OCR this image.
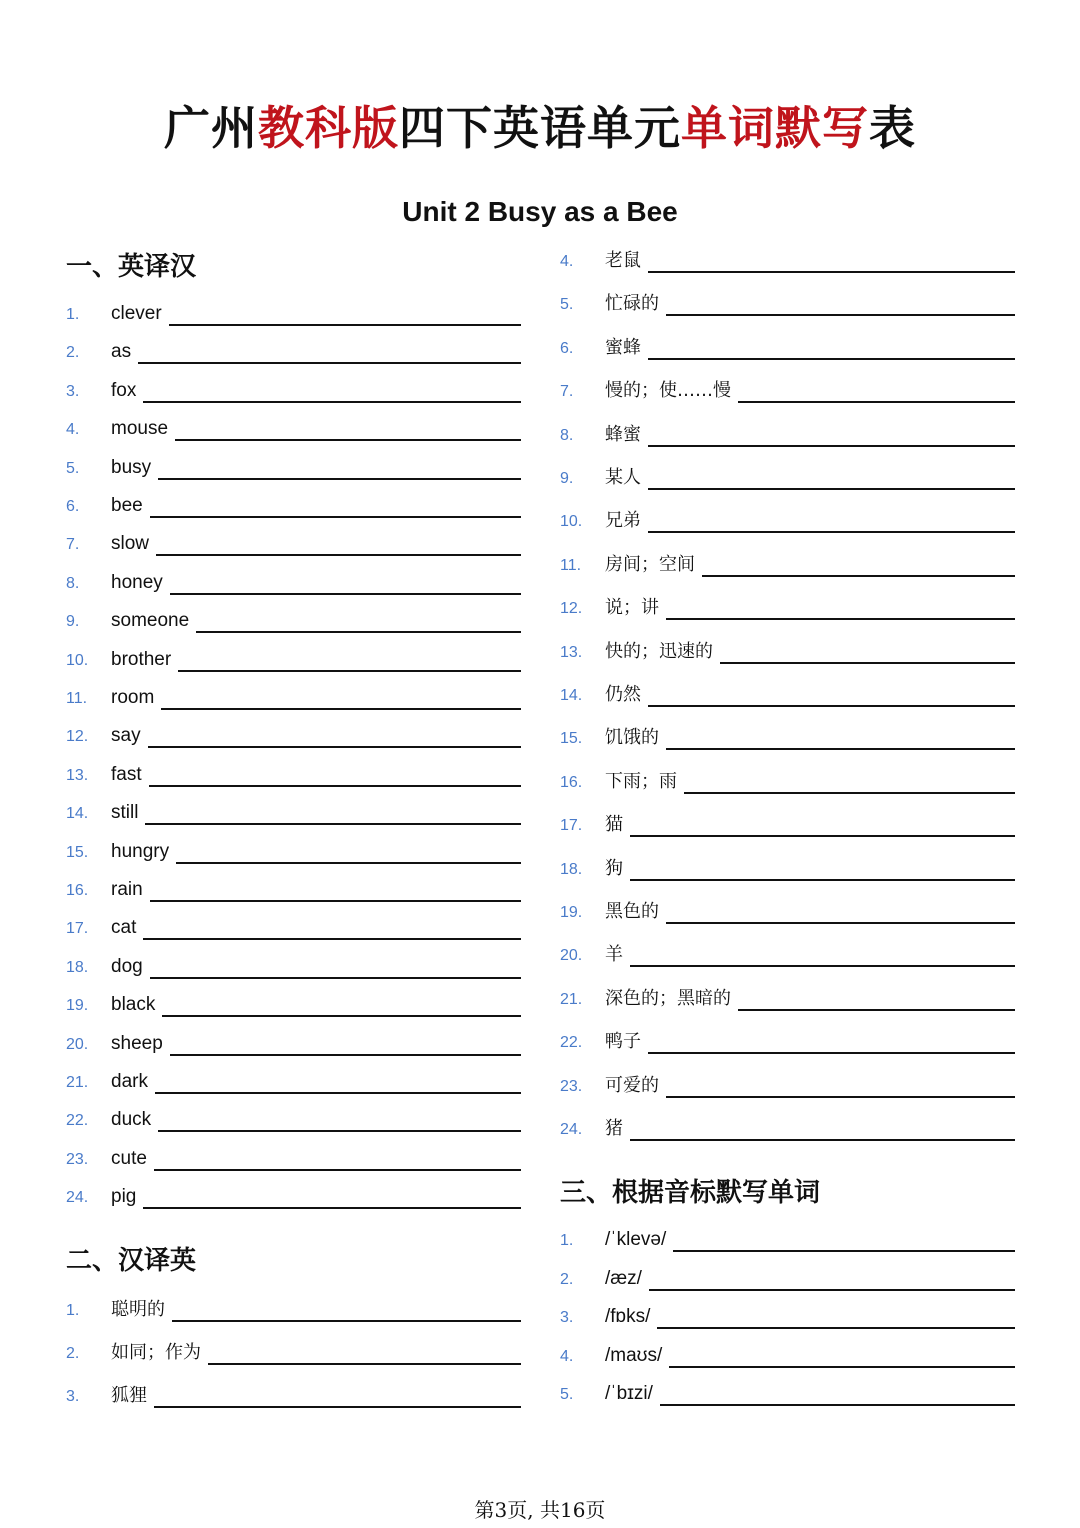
广州教科版四下英语单元单词默写表
Unit 2 Busy as a Bee
一、英译汉
1.	clever
2.	as
3.	fox
4.	mouse
5.	busy
6.	bee
7.	slow
8.	honey
9.	someone
10.	brother
11.	room
12.	say
13.	fast
14.	still
15.	hungry
16.	rain
17.	cat
18.	dog
19.	black
20.	sheep
21.	dark
22.	duck
23.	cute
24.	pig
二、汉译英
1.	聪明的
2.	如同；作为
3.	狐狸
4.	老鼠
5.	忙碌的
6.	蜜蜂
7.	慢的；使……慢
8.	蜂蜜
9.	某人
10.	兄弟
11.	房间；空间
12.	说；讲
13.	快的；迅速的
14.	仍然
15.	饥饿的
16.	下雨；雨
17.	猫
18.	狗
19.	黑色的
20.	羊
21.	深色的；黑暗的
22.	鸭子
23.	可爱的
24.	猪
三、根据音标默写单词
1.	/ˈklevə/
2.	/æz/
3.	/fɒks/
4.	/maʊs/
5.	/ˈbɪzi/
第3页, 共16页
